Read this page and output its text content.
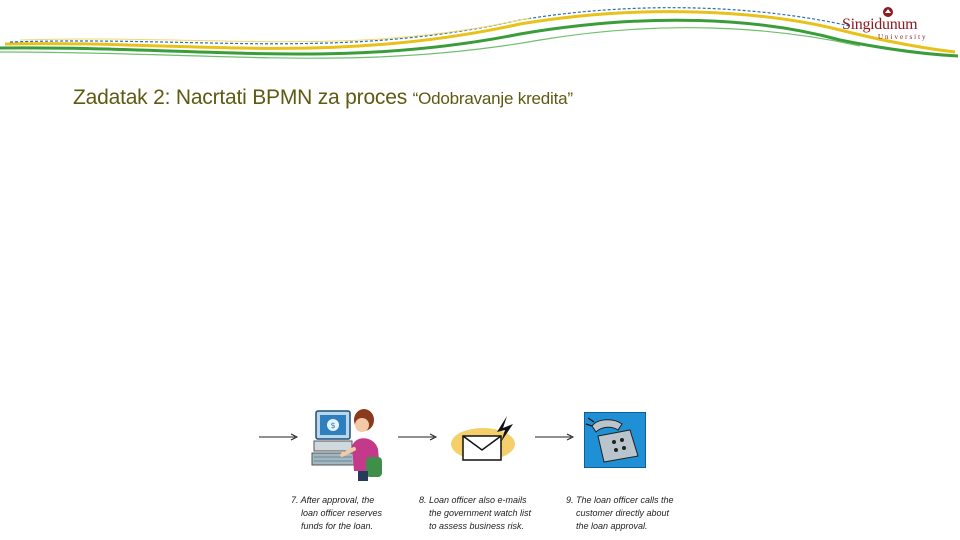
Singidunum
University
Zadatak 2: Nacrtati BPMN za proces “Odobravanje kredita”
$
7. After approval, the
loan officer reserves
funds for the loan.
8. Loan officer also e-mails
the government watch list
to assess business risk.
9. The loan officer calls the
customer directly about
the loan approval.
